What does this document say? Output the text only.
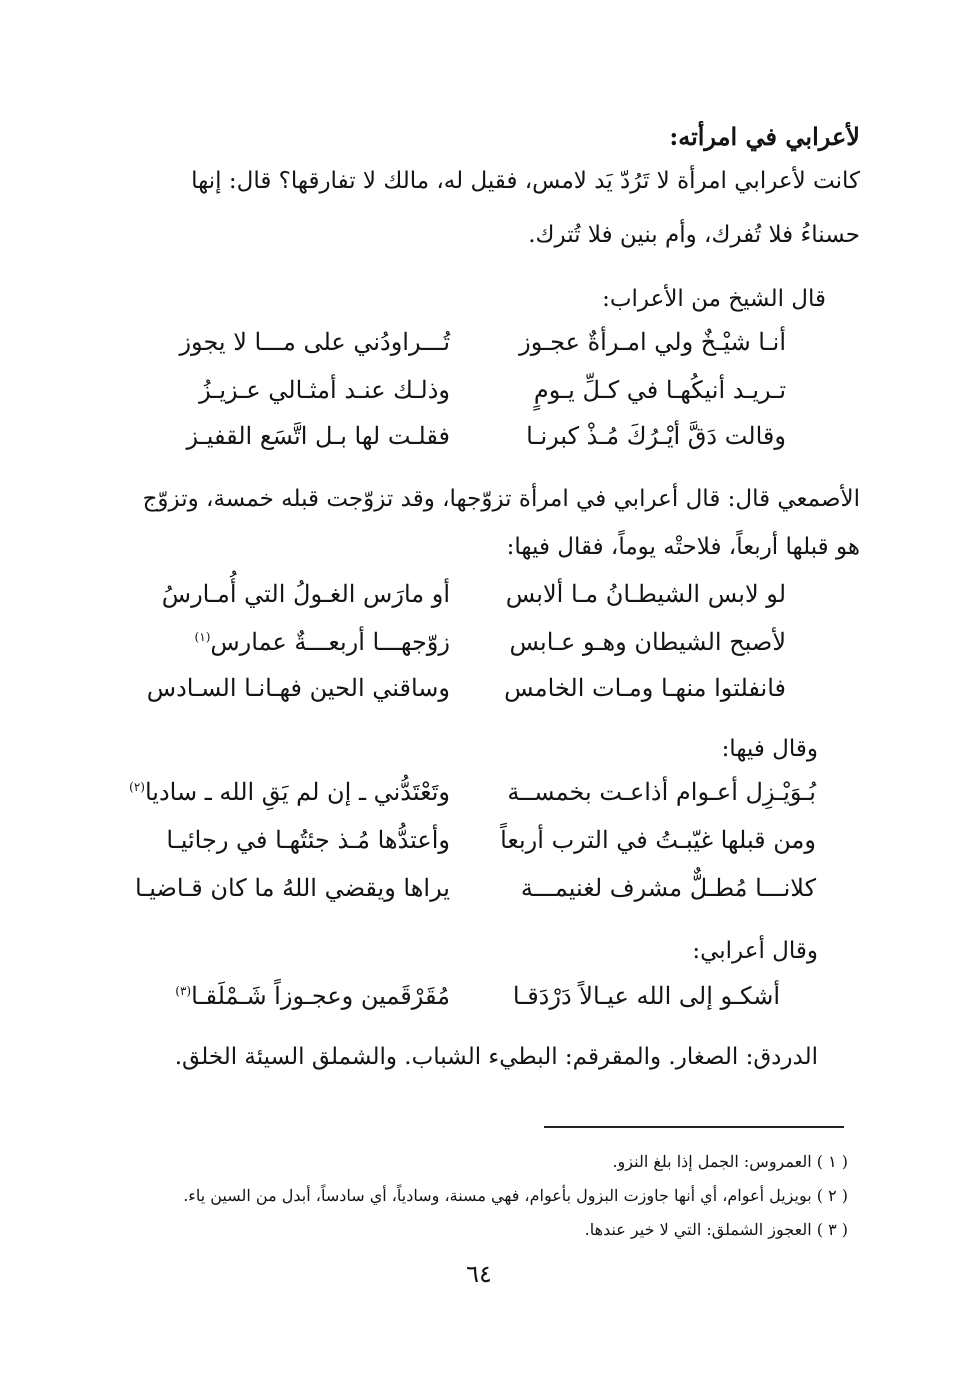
لأعرابي في امرأته:
كانت لأعرابي امرأة لا تَرُدّ يَد لامس، فقيل له، مالك لا تفارقها؟ قال: إنها
حسناءُ فلا تُفرك، وأم بنين فلا تُترك.
قال الشيخ من الأعراب:
أنـا شيْـخٌ ولي امـرأةٌ عجـوز
تُـــراودُني على مـــا لا يجوز
تـريـد أنيكُهـا في كـلِّ يـومٍ
وذلـك عنـد أمثـالي عـزيـزُ
وقالت دَقَّ أيْـرُكَ مُـذْ كبرنـا
فقلـت لها بـل اتَّسَع القفيـز
الأصمعي قال: قال أعرابي في امرأة تزوّجها، وقد تزوّجت قبله خمسة، وتزوّج
هو قبلها أربعاً، فلاحتْه يوماً، فقال فيها:
لو لابس الشيطـانُ مـا ألابس
أو مارَس الغـولُ التي أُمـارسُ
لأصبح الشيطان وهـو عـابس
زوّجهـــا أربعـــةٌ عمارس$^{(١)}$
فانفلتوا منهـا ومـات الخامس
وساقني الحين فهـانـا السـادس
وقال فيها:
بُـوَيْـزِل أعـوام أذاعـت بخمســة
وتَعْتَدُّني ـ إن لم يَقِ الله ـ ساديا$^{(٢)}$
ومن قبلها غيّبـتُ في الترب أربعاً
وأعتدُّها مُـذ جئتُهـا في رجائيـا
كلانـــا مُطـلٌّ مشرف لغنيمـــة
يراها ويقضي اللهُ ما كان قـاضيـا
وقال أعرابي:
أشكـو إلى الله عيـالاً دَرْدَقـا
مُقَرْقَمين وعجـوزاً شَـمْلَقـا$^{(٣)}$
الدردق: الصغار. والمقرقم: البطيء الشباب. والشملق السيئة الخلق.
( ١ ) العمروس: الجمل إذا بلغ النزو.
( ٢ ) بويزيل أعوام، أي أنها جاوزت البزول بأعوام، فهي مسنة، وسادياً، أي سادساً، أبدل من السين ياء.
( ٣ ) العجوز الشملق: التي لا خير عندها.
٦٤
